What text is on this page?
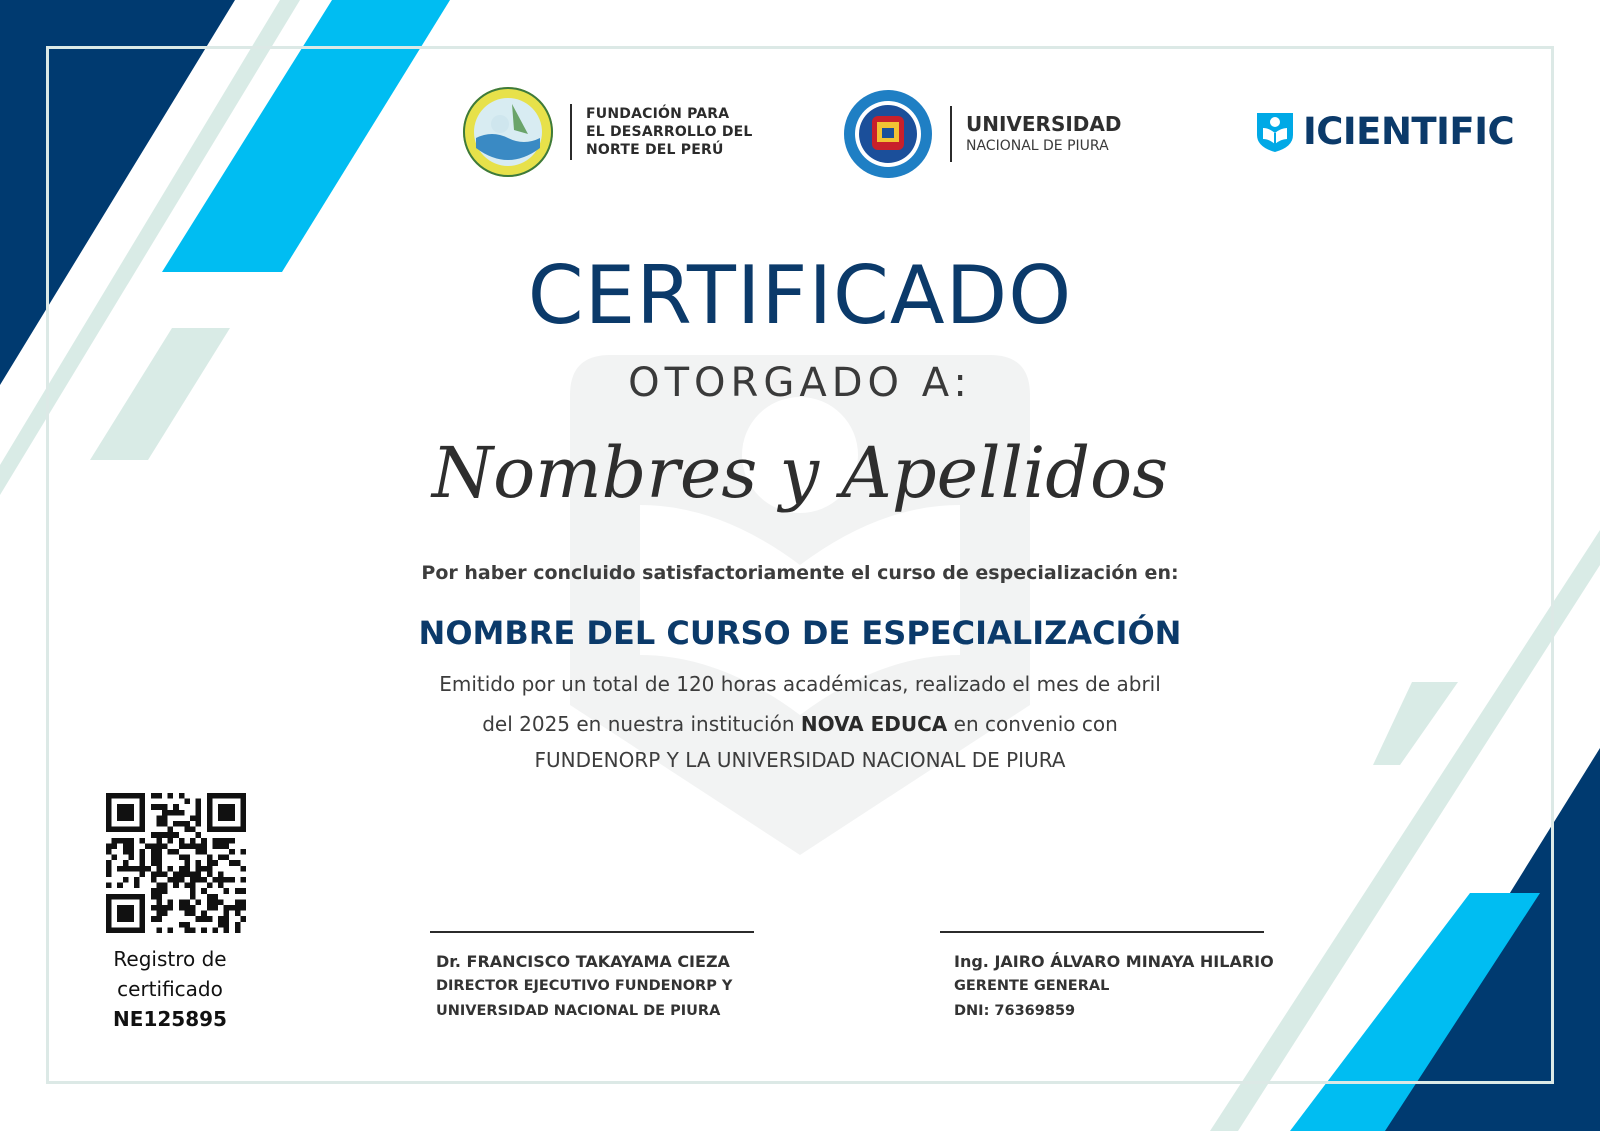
FUNDACIÓN PARA
EL DESARROLLO DEL
NORTE DEL PERÚ
UNIVERSIDAD
NACIONAL DE PIURA	ICIENTIFIC
CERTIFICADO
OTORGADO A:
Nombres y Apellidos
Por haber concluido satisfactoriamente el curso de especialización en:
NOMBRE DEL CURSO DE ESPECIALIZACIÓN
Emitido por un total de 120 horas académicas, realizado el mes de abril
del 2025 en nuestra institución NOVA EDUCA en convenio con
FUNDENORP Y LA UNIVERSIDAD NACIONAL DE PIURA
Registro de
certificado
NE125895
Dr. FRANCISCO TAKAYAMA CIEZA
DIRECTOR EJECUTIVO FUNDENORP Y
UNIVERSIDAD NACIONAL DE PIURA
Ing. JAIRO ÁLVARO MINAYA HILARIO
GERENTE GENERAL
DNI: 76369859
